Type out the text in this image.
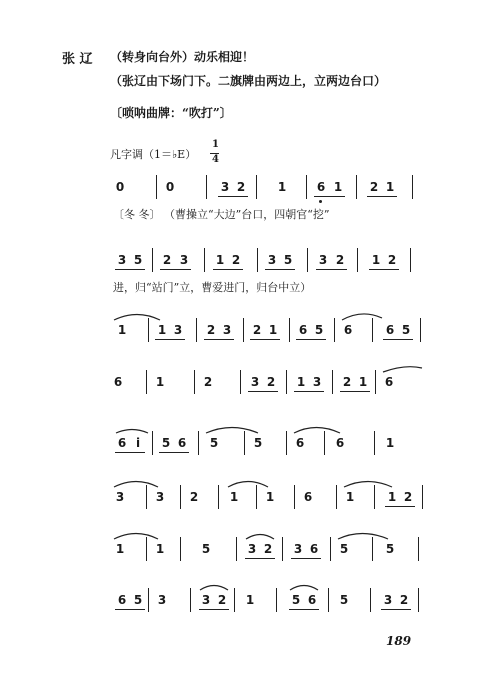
张 辽 （转身向台外）动乐相迎！
（张辽由下场门下。二旗牌由两边上，立两边台口）
〔唢呐曲牌：“吹打”〕
凡字调（1＝♭E）
1
4
0	0	3 2	1	6 1 2 1
〔冬 冬〕 （曹操立“大边”台口，四朝官“挖”
3 5 2 3 1 2 3 5 3 2 1 2
进，归“站门”立，曹爱进门，归台中立）
1	1 3 2 3 2 1 6 5 6	6 5
6	1	2	3 2 1 3 2 1 6
6 i	5 6 5	5	6	6	1
3	3 2	1 1 6	1	1 2
1	1	5	3 2 3 6 5	5
6 5 3	3 2 1	5 6 5	3 2
189
